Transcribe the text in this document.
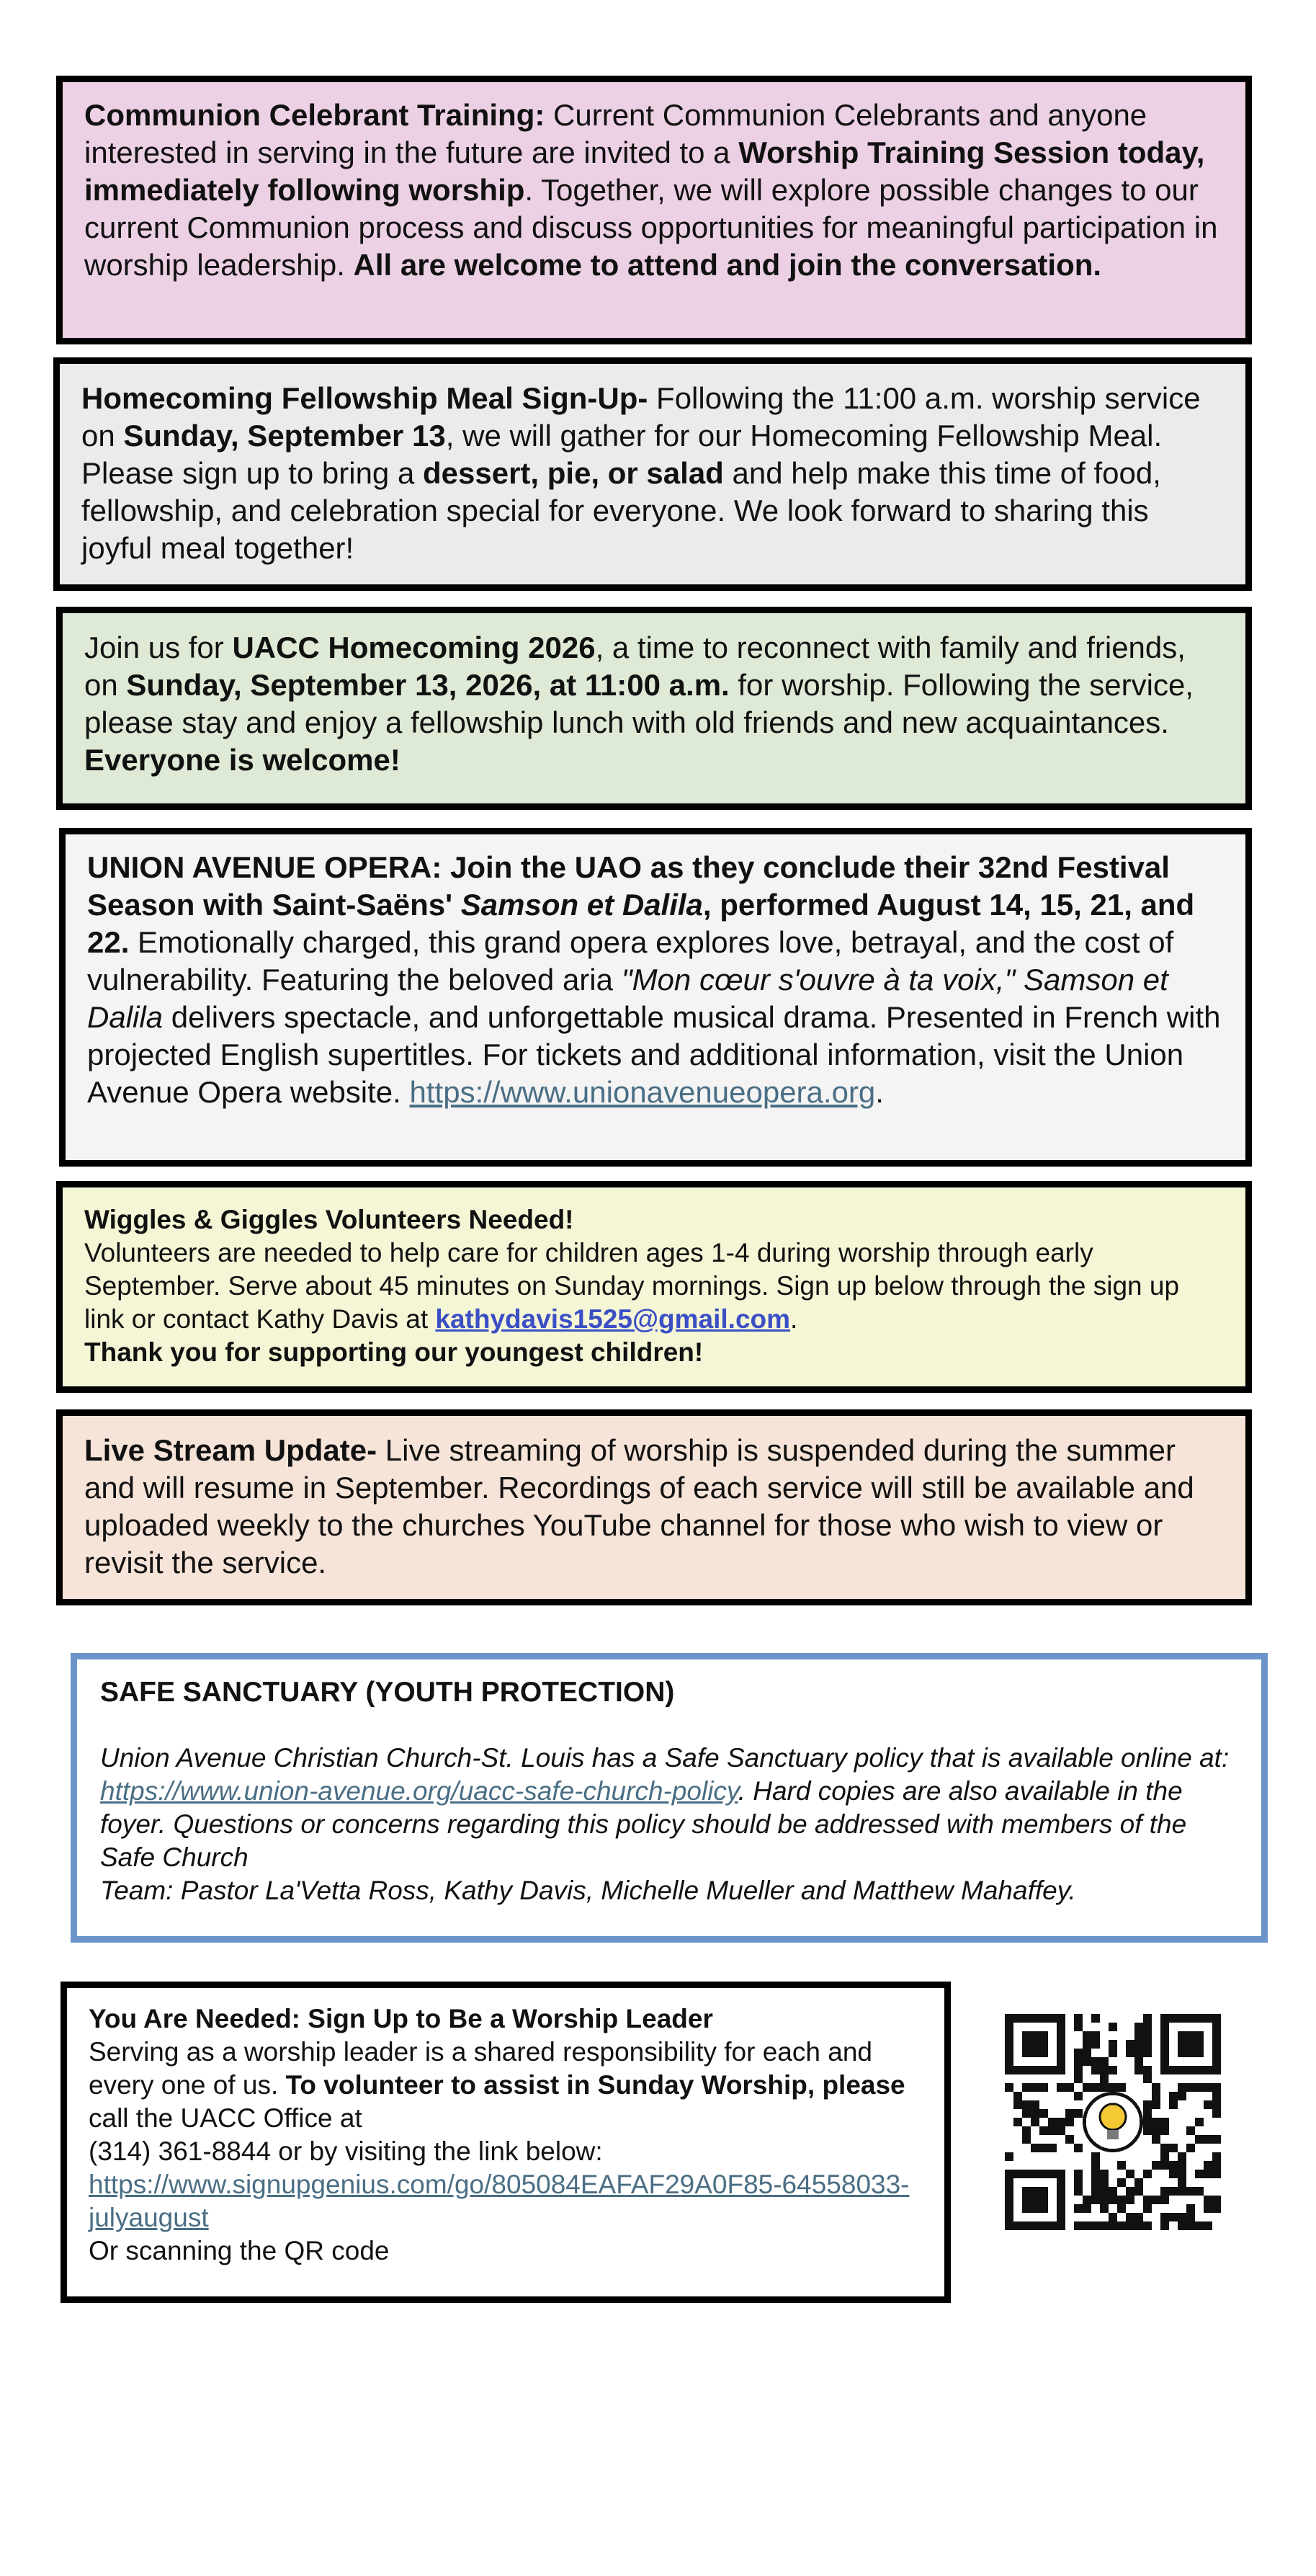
Communion Celebrant Training: Current Communion Celebrants and anyone interested in serving in the future are invited to a Worship Training Session today, immediately following worship. Together, we will explore possible changes to our current Communion process and discuss opportunities for meaningful participation in worship leadership. All are welcome to attend and join the conversation.

Homecoming Fellowship Meal Sign-Up- Following the 11:00 a.m. worship service on Sunday, September 13, we will gather for our Homecoming Fellowship Meal. Please sign up to bring a dessert, pie, or salad and help make this time of food, fellowship, and celebration special for everyone. We look forward to sharing this joyful meal together!

Join us for UACC Homecoming 2026, a time to reconnect with family and friends, on Sunday, September 13, 2026, at 11:00 a.m. for worship. Following the service, please stay and enjoy a fellowship lunch with old friends and new acquaintances. Everyone is welcome!

UNION AVENUE OPERA: Join the UAO as they conclude their 32nd Festival Season with Saint-Saëns' Samson et Dalila, performed August 14, 15, 21, and 22. Emotionally charged, this grand opera explores love, betrayal, and the cost of vulnerability. Featuring the beloved aria "Mon cœur s'ouvre à ta voix," Samson et Dalila delivers spectacle, and unforgettable musical drama. Presented in French with projected English supertitles. For tickets and additional information, visit the Union Avenue Opera website. https://www.unionavenueopera.org.

Wiggles & Giggles Volunteers Needed!
Volunteers are needed to help care for children ages 1-4 during worship through early September. Serve about 45 minutes on Sunday mornings. Sign up below through the sign up link or contact Kathy Davis at kathydavis1525@gmail.com.
Thank you for supporting our youngest children!

Live Stream Update- Live streaming of worship is suspended during the summer and will resume in September. Recordings of each service will still be available and uploaded weekly to the churches YouTube channel for those who wish to view or revisit the service.

SAFE SANCTUARY (YOUTH PROTECTION)

Union Avenue Christian Church-St. Louis has a Safe Sanctuary policy that is available online at: https://www.union-avenue.org/uacc-safe-church-policy. Hard copies are also available in the foyer. Questions or concerns regarding this policy should be addressed with members of the Safe Church
Team: Pastor La'Vetta Ross, Kathy Davis, Michelle Mueller and Matthew Mahaffey.

You Are Needed: Sign Up to Be a Worship Leader
Serving as a worship leader is a shared responsibility for each and every one of us. To volunteer to assist in Sunday Worship, please call the UACC Office at
(314) 361-8844 or by visiting the link below:
https://www.signupgenius.com/go/805084EAFAF29A0F85-64558033-julyaugust
Or scanning the QR code
